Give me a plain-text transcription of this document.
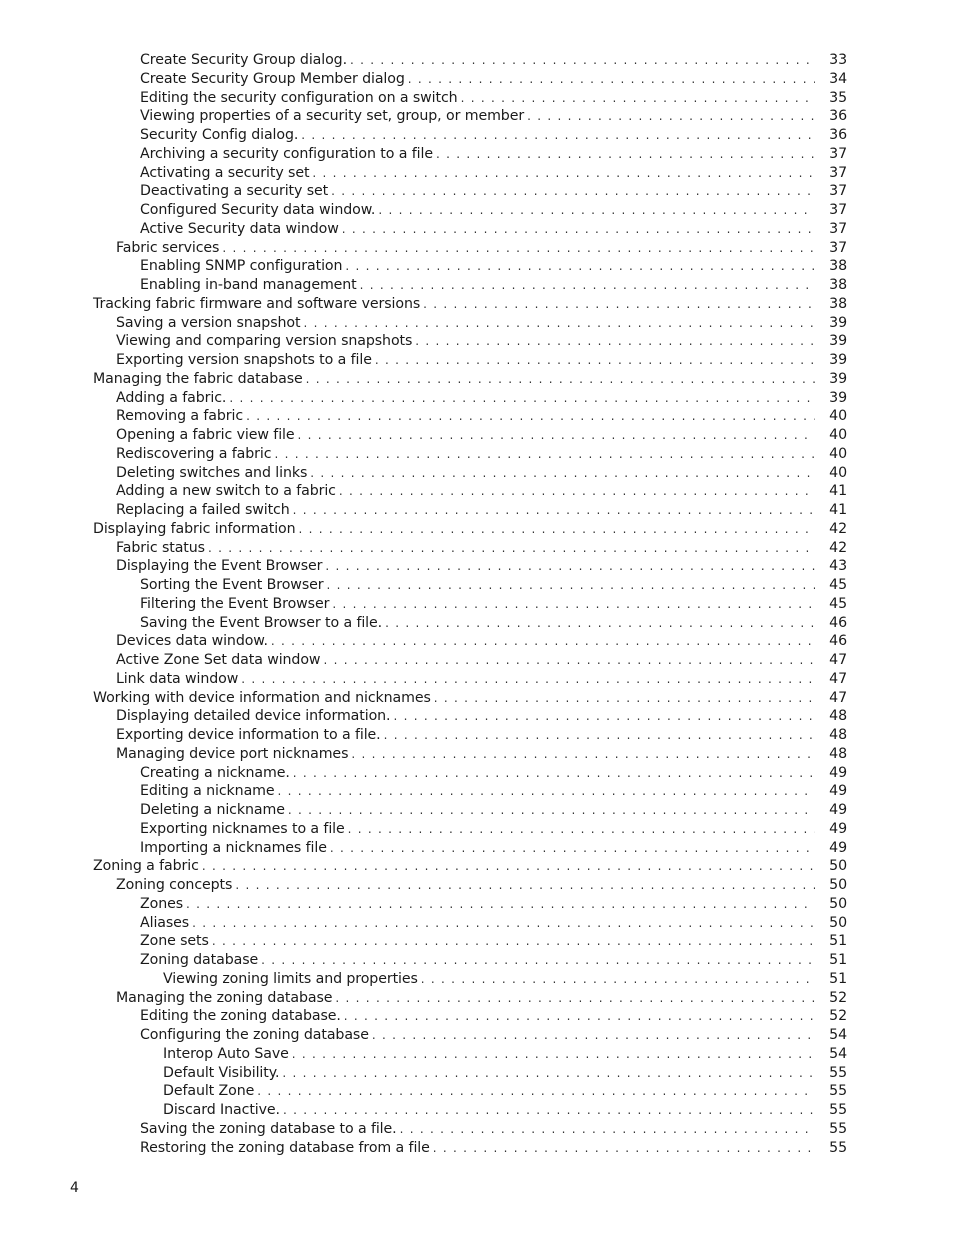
Create Security Group dialog. . . .	33
Create Security Group Member dialog . . .	34
Editing the security configuration on a switch . . .	35
Viewing properties of a security set, group, or member . . .	36
Security Config dialog. . . .	36
Archiving a security configuration to a file . . .	37
Activating a security set . . .	37
Deactivating a security set . . .	37
Configured Security data window. . . .	37
Active Security data window . . .	37
Fabric services . . .	37
Enabling SNMP configuration . . .	38
Enabling in-band management . . .	38
Tracking fabric firmware and software versions . . .	38
Saving a version snapshot . . .	39
Viewing and comparing version snapshots . . .	39
Exporting version snapshots to a file . . .	39
Managing the fabric database . . .	39
Adding a fabric. . . .	39
Removing a fabric . . .	40
Opening a fabric view file . . .	40
Rediscovering a fabric . . .	40
Deleting switches and links . . .	40
Adding a new switch to a fabric . . .	41
Replacing a failed switch . . .	41
Displaying fabric information . . .	42
Fabric status . . .	42
Displaying the Event Browser . . .	43
Sorting the Event Browser . . .	45
Filtering the Event Browser . . .	45
Saving the Event Browser to a file. . . .	46
Devices data window. . . .	46
Active Zone Set data window . . .	47
Link data window . . .	47
Working with device information and nicknames . . .	47
Displaying detailed device information. . . .	48
Exporting device information to a file. . . .	48
Managing device port nicknames . . .	48
Creating a nickname. . . .	49
Editing a nickname . . .	49
Deleting a nickname . . .	49
Exporting nicknames to a file . . .	49
Importing a nicknames file . . .	49
Zoning a fabric . . .	50
Zoning concepts . . .	50
Zones . . .	50
Aliases . . .	50
Zone sets . . .	51
Zoning database . . .	51
Viewing zoning limits and properties . . .	51
Managing the zoning database . . .	52
Editing the zoning database. . . .	52
Configuring the zoning database . . .	54
Interop Auto Save . . .	54
Default Visibility. . . .	55
Default Zone . . .	55
Discard Inactive. . . .	55
Saving the zoning database to a file. . . .	55
Restoring the zoning database from a file . . .	55
4
